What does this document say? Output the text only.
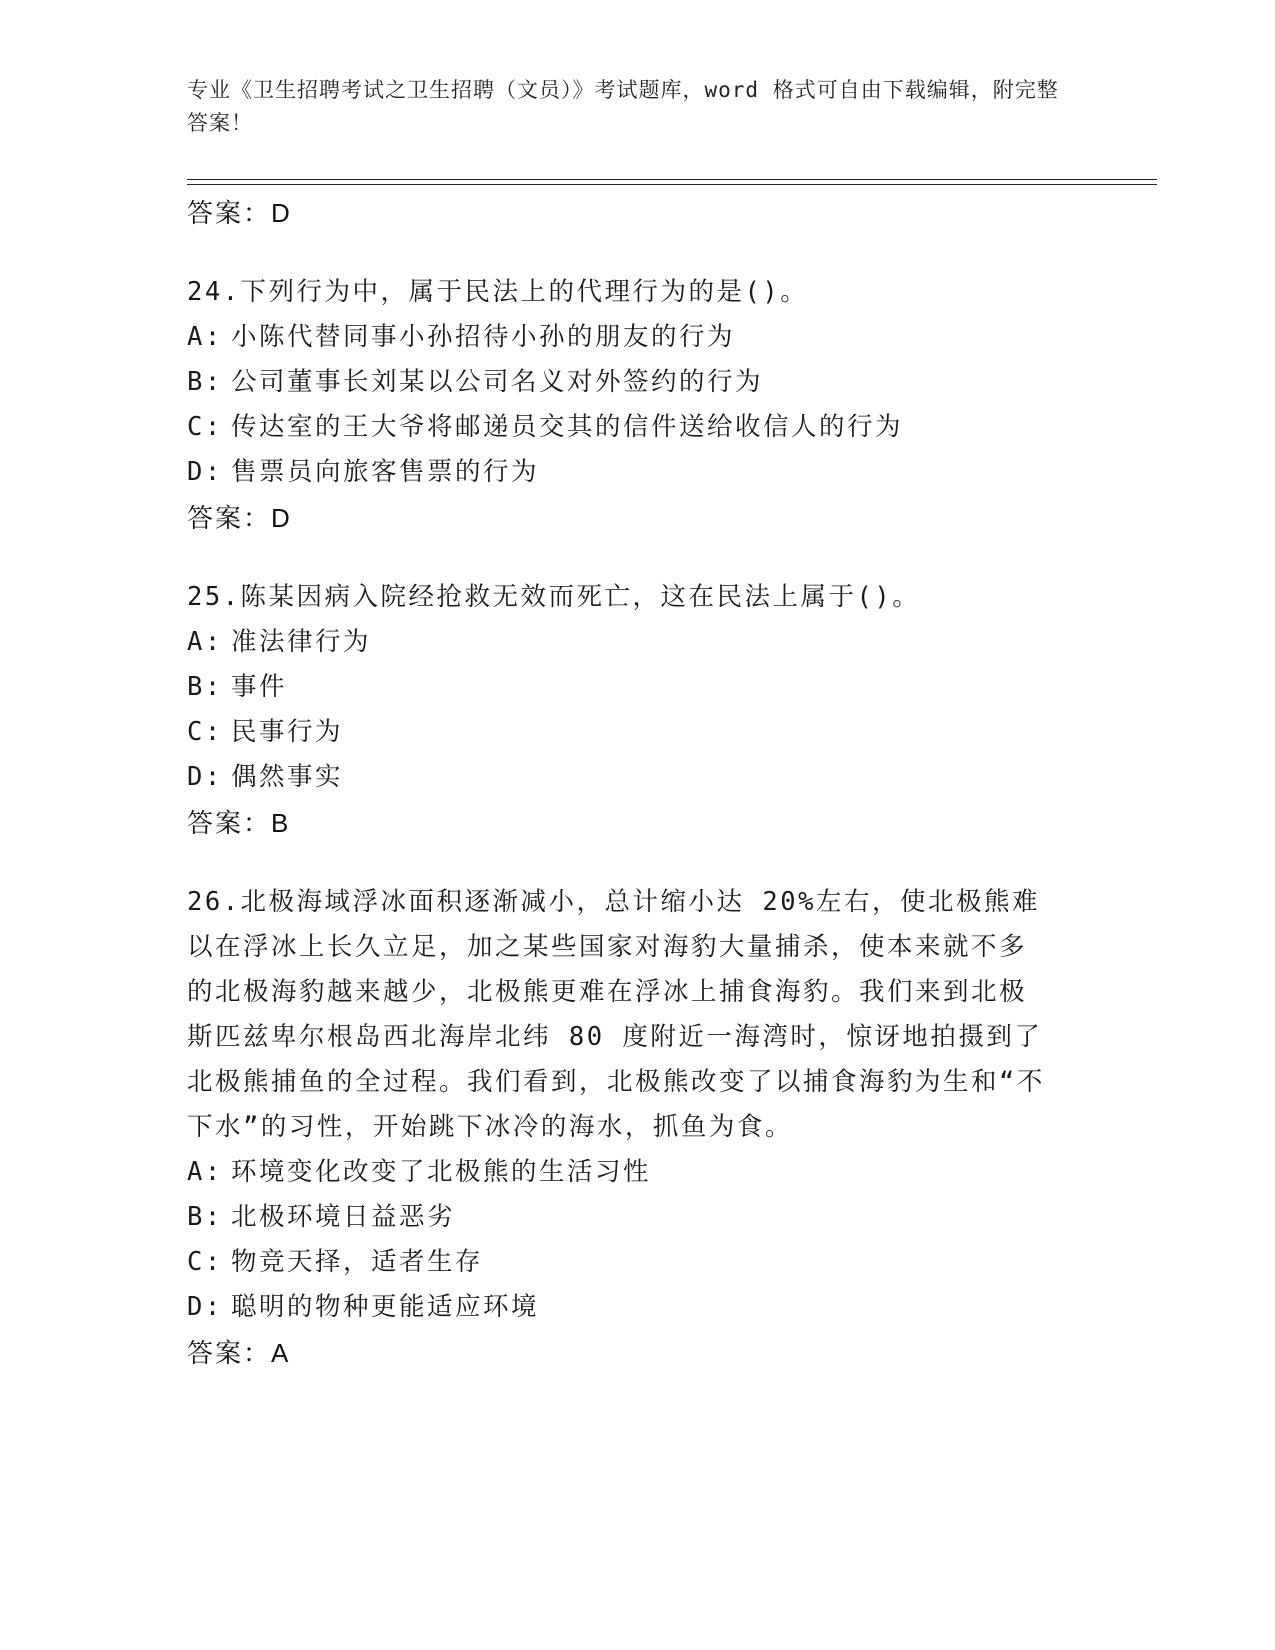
专业《卫生招聘考试之卫生招聘（文员）》考试题库，word 格式可自由下载编辑，附完整答案！
答案：D
24.下列行为中，属于民法上的代理行为的是()。
A: 小陈代替同事小孙招待小孙的朋友的行为
B: 公司董事长刘某以公司名义对外签约的行为
C: 传达室的王大爷将邮递员交其的信件送给收信人的行为
D: 售票员向旅客售票的行为
答案：D
25.陈某因病入院经抢救无效而死亡，这在民法上属于()。
A: 准法律行为
B: 事件
C: 民事行为
D: 偶然事实
答案：B
26.北极海域浮冰面积逐渐减小，总计缩小达 20%左右，使北极熊难以在浮冰上长久立足，加之某些国家对海豹大量捕杀，使本来就不多的北极海豹越来越少，北极熊更难在浮冰上捕食海豹。我们来到北极斯匹兹卑尔根岛西北海岸北纬 80 度附近一海湾时，惊讶地拍摄到了北极熊捕鱼的全过程。我们看到，北极熊改变了以捕食海豹为生和“不下水”的习性，开始跳下冰冷的海水，抓鱼为食。
A: 环境变化改变了北极熊的生活习性
B: 北极环境日益恶劣
C: 物竞天择，适者生存
D: 聪明的物种更能适应环境
答案：A
